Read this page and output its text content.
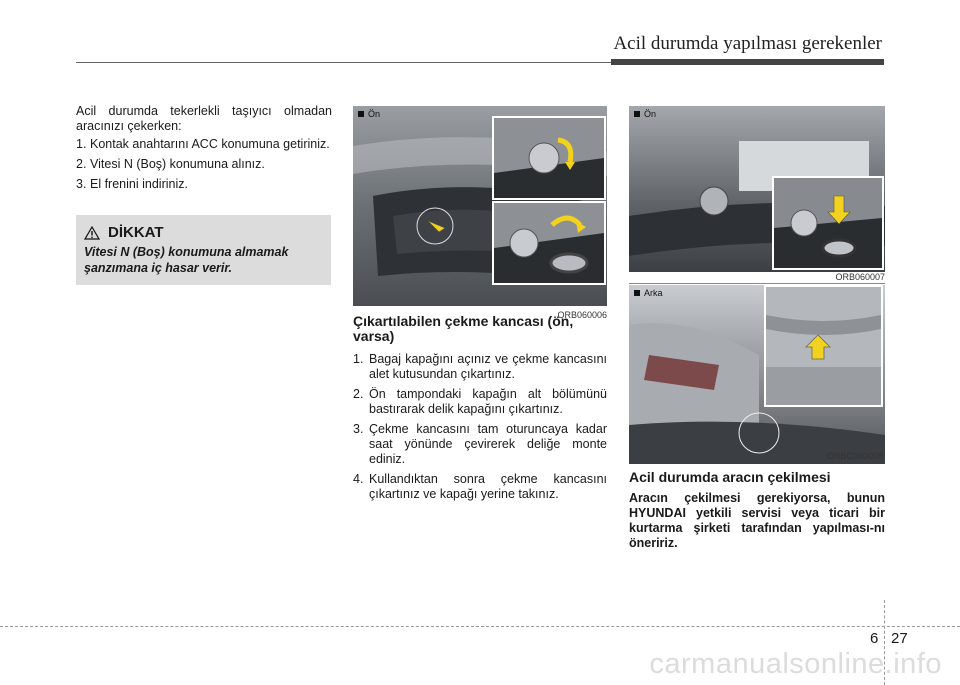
Acil durumda yapılması gerekenler

Acil durumda tekerlekli taşıyıcı olmadan aracınızı çekerken:

1. Kontak anahtarını ACC konumuna getiriniz.
2. Vitesi N (Boş) konumuna alınız.
3. El frenini indiriniz.
DİKKAT
Vitesi N (Boş) konumuna almamak şanzımana iç hasar verir.
Ön
ORB060006
Ön
ORB060007
Arka
ORBC060008
Çıkartılabilen çekme kancası (ön, varsa)
1. Bagaj kapağını açınız ve çekme kancasını alet kutusundan çıkartınız.
2. Ön tampondaki kapağın alt bölümünü bastırarak delik kapağını çıkartınız.
3. Çekme kancasını tam oturuncaya kadar saat yönünde çevirerek deliğe monte ediniz.
4. Kullandıktan sonra çekme kancasını çıkartınız ve kapağı yerine takınız.
Acil durumda aracın çekilmesi

Aracın çekilmesi gerekiyorsa, bunun HYUNDAI yetkili servisi veya ticari bir kurtarma şirketi tarafından yapılması-nı öneririz.

6 27
carmanualsonline.info
